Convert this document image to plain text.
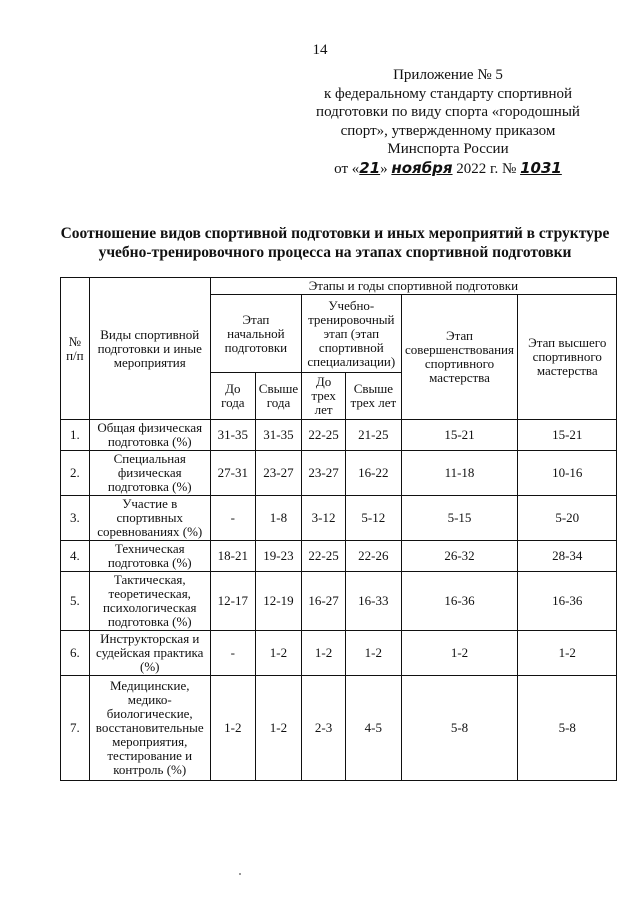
14
Приложение № 5
к федеральному стандарту спортивной
подготовки по виду спорта «городошный
спорт», утвержденному приказом
Минспорта России
от «21» ноября 2022 г. № 1031
Соотношение видов спортивной подготовки и иных мероприятий в структуре учебно-тренировочного процесса на этапах спортивной подготовки
№ п/п	Виды спортивной подготовки и иные мероприятия	Этапы и годы спортивной подготовки					
		Этап начальной подготовки		Учебно-тренировочный этап (этап спортивной специализации)		Этап совершенствования спортивного мастерства	Этап высшего спортивного мастерства
		До года	Свыше года	До трех лет	Свыше трех лет		
1.	Общая физическая подготовка (%)	31-35	31-35	22-25	21-25	15-21	15-21
2.	Специальная физическая подготовка (%)	27-31	23-27	23-27	16-22	11-18	10-16
3.	Участие в спортивных соревнованиях (%)	-	1-8	3-12	5-12	5-15	5-20
4.	Техническая подготовка (%)	18-21	19-23	22-25	22-26	26-32	28-34
5.	Тактическая, теоретическая, психологическая подготовка (%)	12-17	12-19	16-27	16-33	16-36	16-36
6.	Инструкторская и судейская практика (%)	-	1-2	1-2	1-2	1-2	1-2
7.	Медицинские, медико-биологические, восстановительные мероприятия, тестирование и контроль (%)	1-2	1-2	2-3	4-5	5-8	5-8
